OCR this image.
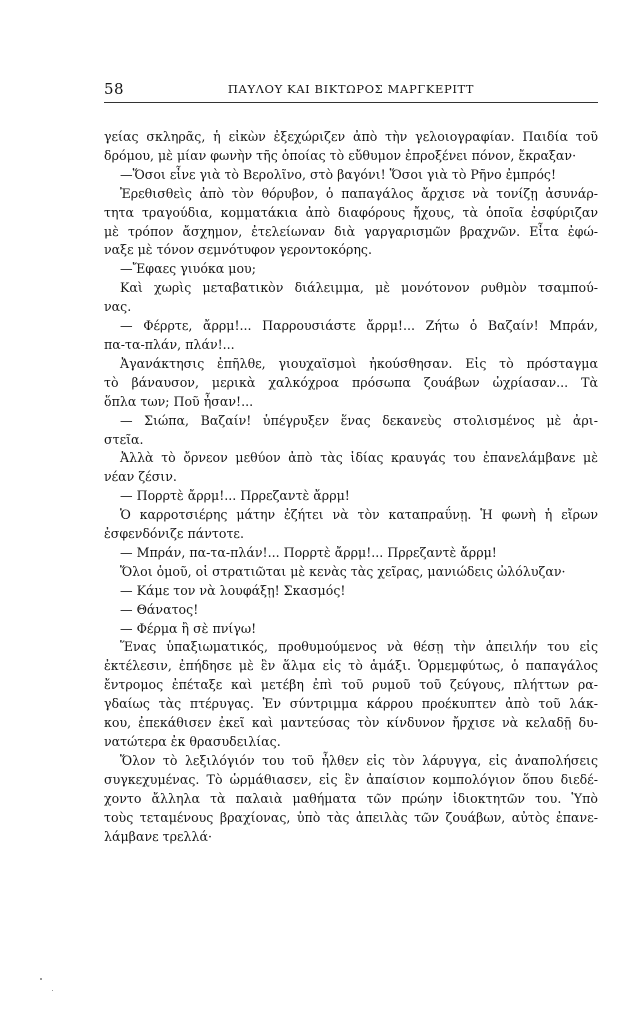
58	ΠΑΥΛΟΥ ΚΑΙ ΒΙΚΤΩΡΟΣ ΜΑΡΓΚΕΡΙΤΤ
γείας σκληρᾶς, ἡ εἰκὼν ἐξεχώριζεν ἀπὸ τὴν γελοιογραφίαν. Παιδία τοῦ
δρόμου, μὲ μίαν φωνὴν τῆς ὁποίας τὸ εὔθυμον ἐπροξένει πόνον, ἔκραξαν·
—Ὅσοι εἶνε γιὰ τὸ Βερολῖνο, στὸ βαγόνι! Ὅσοι γιὰ τὸ Ρῆνο ἐμπρός!
Ἐρεθισθεὶς ἀπὸ τὸν θόρυβον, ὁ παπαγάλος ἄρχισε νὰ τονίζῃ ἀσυνάρ-
τητα τραγούδια, κομματάκια ἀπὸ διαφόρους ἤχους, τὰ ὁποῖα ἐσφύριζαν
μὲ τρόπον ἄσχημον, ἐτελείωναν διὰ γαργαρισμῶν βραχνῶν. Εἶτα ἐφώ-
ναξε μὲ τόνον σεμνότυφον γεροντοκόρης.
—Ἔφαες γιυόκα μου;
Καὶ χωρὶς μεταβατικὸν διάλειμμα, μὲ μονότονον ρυθμὸν τσαμπού-
νας.
— Φέρρτε, ἄρρμ!... Παρρουσιάστε ἄρρμ!... Ζήτω ὁ Βαζαίν! Μπράν,
πα-τα-πλάν, πλάν!...
Ἀγανάκτησις ἐπῆλθε, γιουχαϊσμοὶ ἠκούσθησαν. Εἰς τὸ πρόσταγμα
τὸ βάναυσον, μερικὰ χαλκόχροα πρόσωπα ζουάβων ὠχρίασαν... Τὰ
ὅπλα των; Ποῦ ἦσαν!...
— Σιώπα, Βαζαίν! ὑπέγρυξεν ἕνας δεκανεὺς στολισμένος μὲ ἀρι-
στεῖα.
Ἀλλὰ τὸ ὄρνεον μεθύον ἀπὸ τὰς ἰδίας κραυγάς του ἐπανελάμβανε μὲ
νέαν ζέσιν.
— Πορρτὲ ἄρρμ!... Πρρεζαντὲ ἄρρμ!
Ὁ καρροτσιέρης μάτην ἐζήτει νὰ τὸν καταπραΰνῃ. Ἡ φωνὴ ἡ εἴρων
ἐσφενδόνιζε πάντοτε.
— Μπράν, πα-τα-πλάν!... Πορρτὲ ἄρρμ!... Πρρεζαντὲ ἄρρμ!
Ὅλοι ὁμοῦ, οἱ στρατιῶται μὲ κενὰς τὰς χεῖρας, μανιώδεις ὠλόλυζαν·
— Κάμε τον νὰ λουφάξῃ! Σκασμός!
— Θάνατος!
— Φέρμα ἢ σὲ πνίγω!
Ἕνας ὑπαξιωματικός, προθυμούμενος νὰ θέσῃ τὴν ἀπειλήν του εἰς
ἐκτέλεσιν, ἐπήδησε μὲ ἓν ἅλμα εἰς τὸ ἁμάξι. Ὁρμεμφύτως, ὁ παπαγάλος
ἔντρομος ἐπέταξε καὶ μετέβη ἐπὶ τοῦ ρυμοῦ τοῦ ζεύγους, πλήττων ρα-
γδαίως τὰς πτέρυγας. Ἐν σύντριμμα κάρρου προέκυπτεν ἀπὸ τοῦ λάκ-
κου, ἐπεκάθισεν ἐκεῖ καὶ μαντεύσας τὸν κίνδυνον ἤρχισε νὰ κελαδῇ δυ-
νατώτερα ἐκ θρασυδειλίας.
Ὅλον τὸ λεξιλόγιόν του τοῦ ἦλθεν εἰς τὸν λάρυγγα, εἰς ἀναπολήσεις
συγκεχυμένας. Τὸ ὡρμάθιασεν, εἰς ἓν ἀπαίσιον κομπολόγιον ὅπου διεδέ-
χοντο ἄλληλα τὰ παλαιὰ μαθήματα τῶν πρώην ἰδιοκτητῶν του. Ὑπὸ
τοὺς τεταμένους βραχίονας, ὑπὸ τὰς ἀπειλὰς τῶν ζουάβων, αὐτὸς ἐπανε-
λάμβανε τρελλά·
